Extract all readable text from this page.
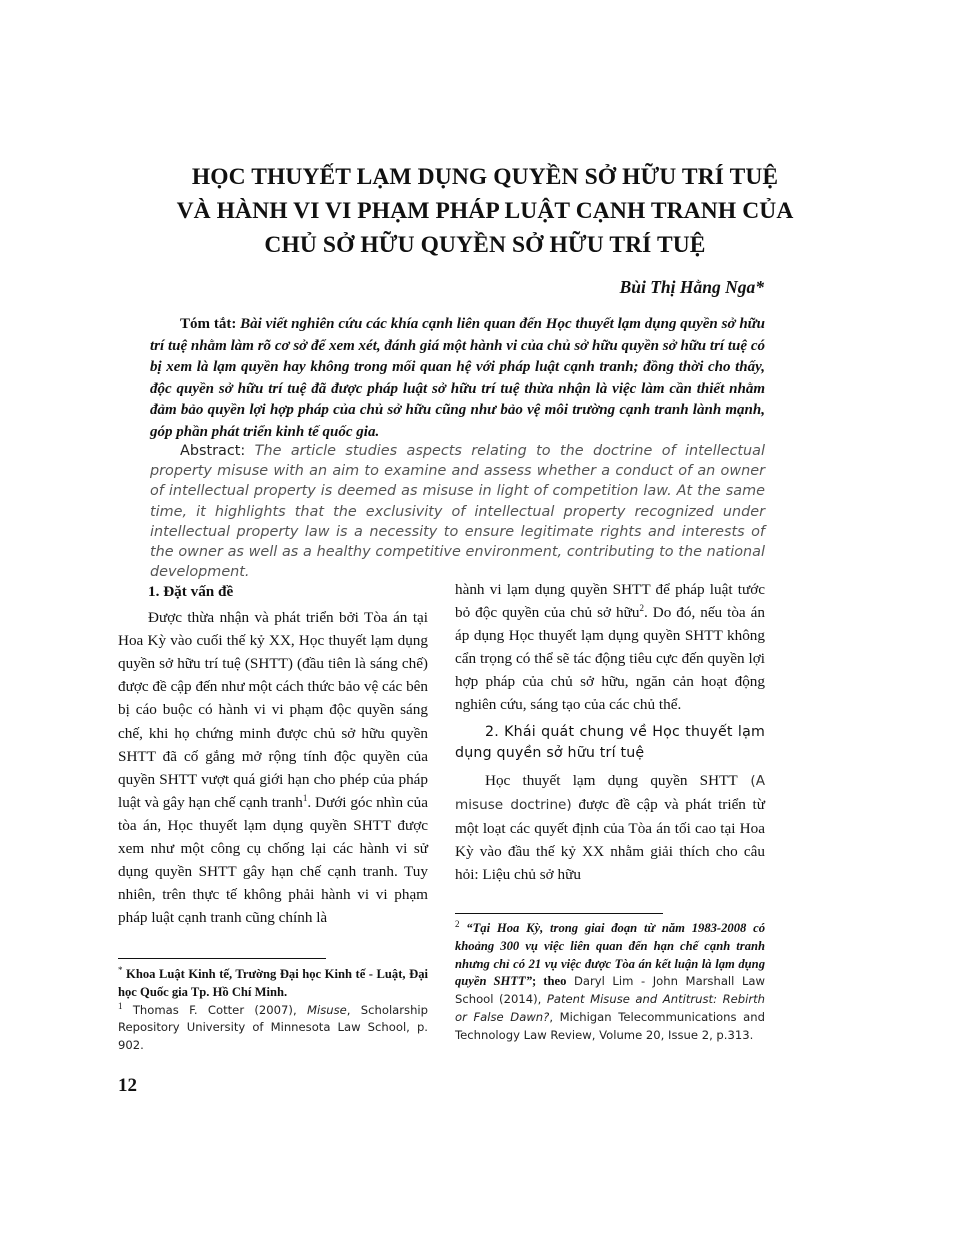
HỌC THUYẾT LẠM DỤNG QUYỀN SỞ HỮU TRÍ TUỆ
VÀ HÀNH VI VI PHẠM PHÁP LUẬT CẠNH TRANH CỦA
CHỦ SỞ HỮU QUYỀN SỞ HỮU TRÍ TUỆ
Bùi Thị Hằng Nga*
Tóm tắt: Bài viết nghiên cứu các khía cạnh liên quan đến Học thuyết lạm dụng quyền sở hữu trí tuệ nhằm làm rõ cơ sở để xem xét, đánh giá một hành vi của chủ sở hữu quyền sở hữu trí tuệ có bị xem là lạm quyền hay không trong mối quan hệ với pháp luật cạnh tranh; đồng thời cho thấy, độc quyền sở hữu trí tuệ đã được pháp luật sở hữu trí tuệ thừa nhận là việc làm cần thiết nhằm đảm bảo quyền lợi hợp pháp của chủ sở hữu cũng như bảo vệ môi trường cạnh tranh lành mạnh, góp phần phát triển kinh tế quốc gia.
Abstract: The article studies aspects relating to the doctrine of intellectual property misuse with an aim to examine and assess whether a conduct of an owner of intellectual property is deemed as misuse in light of competition law. At the same time, it highlights that the exclusivity of intellectual property recognized under intellectual property law is a necessity to ensure legitimate rights and interests of the owner as well as a healthy competitive environment, contributing to the national development.
1. Đặt vấn đề

Được thừa nhận và phát triển bởi Tòa án tại Hoa Kỳ vào cuối thế kỷ XX, Học thuyết lạm dụng quyền sở hữu trí tuệ (SHTT) (đầu tiên là sáng chế) được đề cập đến như một cách thức bảo vệ các bên bị cáo buộc có hành vi vi phạm độc quyền sáng chế, khi họ chứng minh được chủ sở hữu quyền SHTT đã cố gắng mở rộng tính độc quyền của quyền SHTT vượt quá giới hạn cho phép của pháp luật và gây hạn chế cạnh tranh$^1$. Dưới góc nhìn của tòa án, Học thuyết lạm dụng quyền SHTT được xem như một công cụ chống lại các hành vi sử dụng quyền SHTT gây hạn chế cạnh tranh. Tuy nhiên, trên thực tế không phải hành vi vi phạm pháp luật cạnh tranh cũng chính là

hành vi lạm dụng quyền SHTT để pháp luật tước bỏ độc quyền của chủ sở hữu$^2$. Do đó, nếu tòa án áp dụng Học thuyết lạm dụng quyền SHTT không cẩn trọng có thể sẽ tác động tiêu cực đến quyền lợi hợp pháp của chủ sở hữu, ngăn cản hoạt động nghiên cứu, sáng tạo của các chủ thể.

2. Khái quát chung về Học thuyết lạm dụng quyền sở hữu trí tuệ

Học thuyết lạm dụng quyền SHTT (A misuse doctrine) được đề cập và phát triển từ một loạt các quyết định của Tòa án tối cao tại Hoa Kỳ vào đầu thế kỷ XX nhằm giải thích cho câu hỏi: Liệu chủ sở hữu

* Khoa Luật Kinh tế, Trường Đại học Kinh tế - Luật, Đại học Quốc gia Tp. Hồ Chí Minh.
$^1$ Thomas F. Cotter (2007), Misuse, Scholarship Repository University of Minnesota Law School, p. 902.
$^2$ “Tại Hoa Kỳ, trong giai đoạn từ năm 1983-2008 có khoảng 300 vụ việc liên quan đến hạn chế cạnh tranh nhưng chỉ có 21 vụ việc được Tòa án kết luận là lạm dụng quyền SHTT”; theo Daryl Lim - John Marshall Law School (2014), Patent Misuse and Antitrust: Rebirth or False Dawn?, Michigan Telecommunications and Technology Law Review, Volume 20, Issue 2, p.313.
12
